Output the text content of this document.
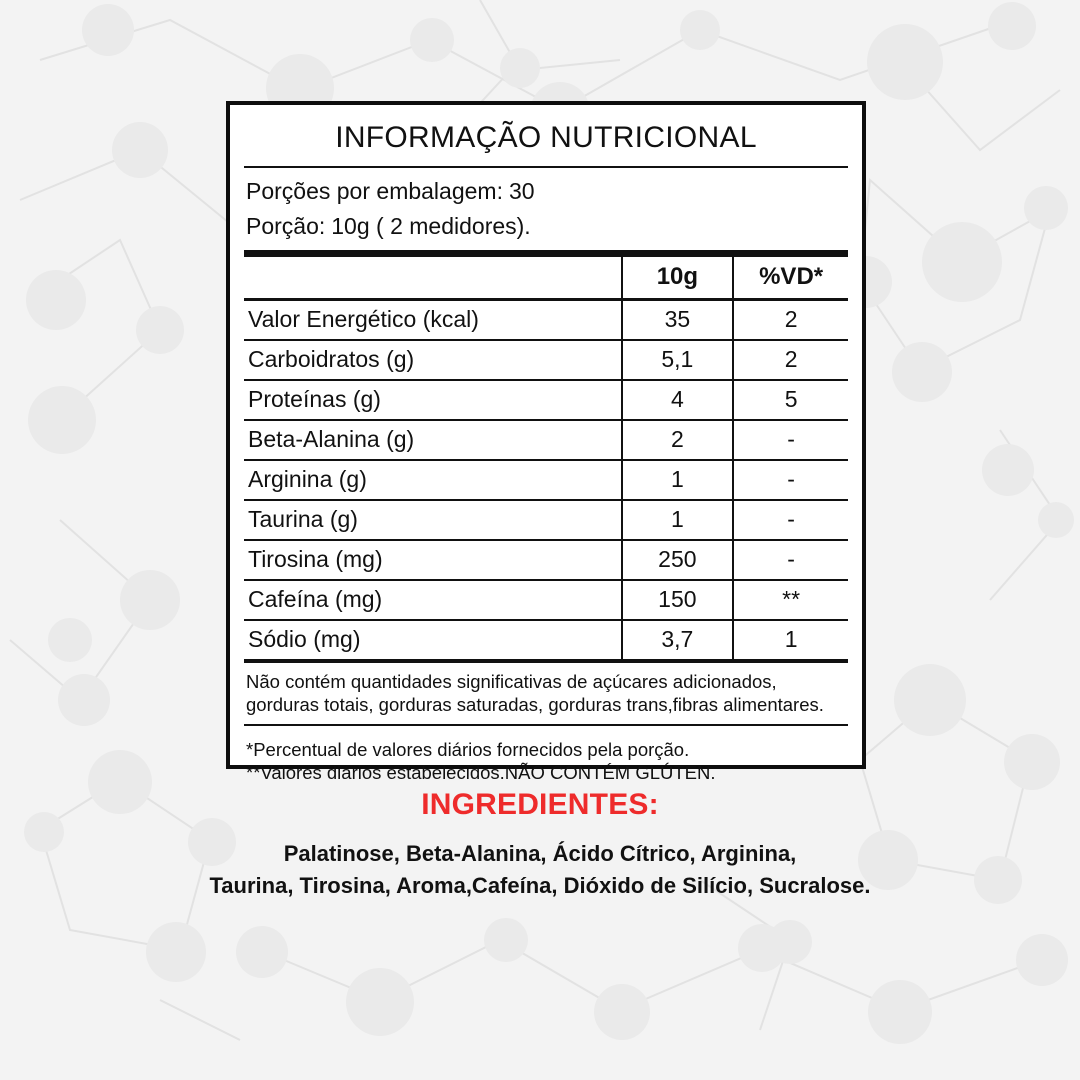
INFORMAÇÃO NUTRICIONAL
Porções por embalagem: 30
Porção: 10g ( 2 medidores).
	10g	%VD*
Valor Energético (kcal)	35	2
Carboidratos (g)	5,1	2
Proteínas (g)	4	5
Beta-Alanina (g)	2	-
Arginina (g)	1	-
Taurina (g)	1	-
Tirosina (mg)	250	-
Cafeína (mg)	150	**
Sódio (mg)	3,7	1
Não contém quantidades significativas de açúcares adicionados,
gorduras totais, gorduras saturadas, gorduras trans,fibras alimentares.
*Percentual de valores diários fornecidos pela porção.
**Valores diários estabelecidos.NÃO CONTÉM GLÚTEN.
INGREDIENTES:
Palatinose, Beta-Alanina, Ácido Cítrico, Arginina,
Taurina, Tirosina, Aroma,Cafeína, Dióxido de Silício, Sucralose.
